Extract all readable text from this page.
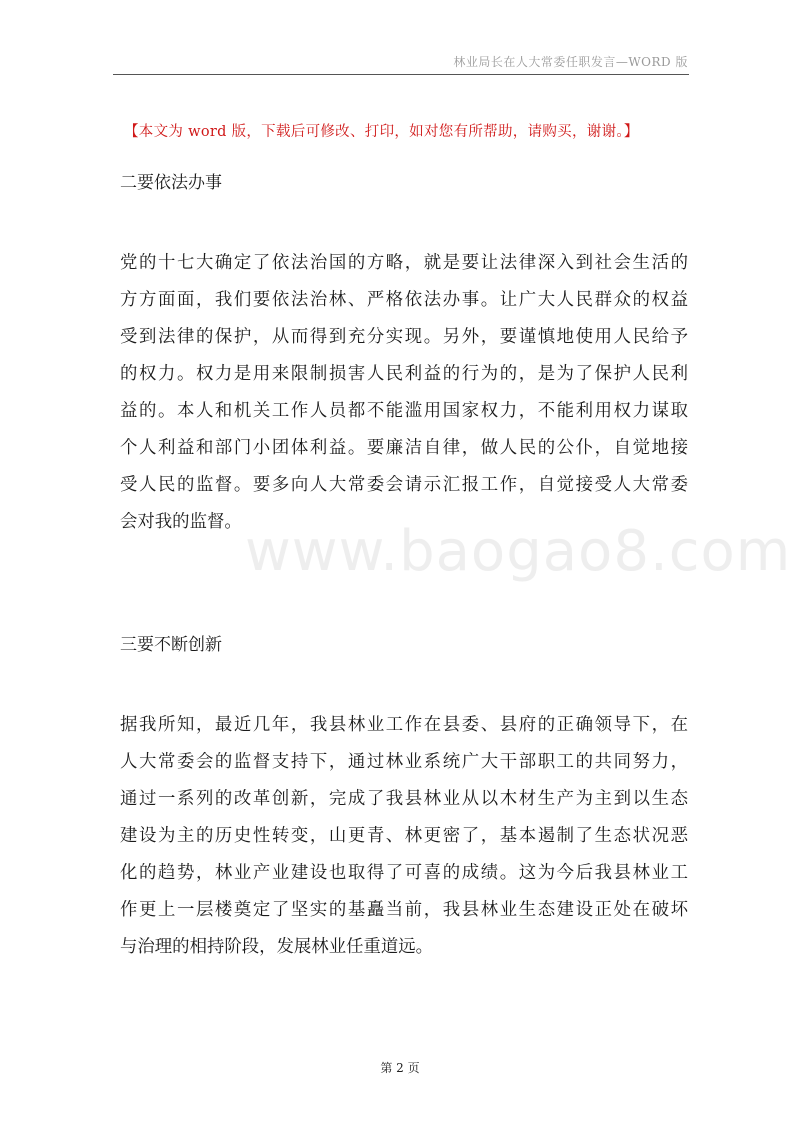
林业局长在人大常委任职发言—WORD 版
【本文为 word 版，下载后可修改、打印，如对您有所帮助，请购买，谢谢。】
二要依法办事
党的十七大确定了依法治国的方略，就是要让法律深入到社会生活的
方方面面，我们要依法治林、严格依法办事。让广大人民群众的权益
受到法律的保护，从而得到充分实现。另外，要谨慎地使用人民给予
的权力。权力是用来限制损害人民利益的行为的，是为了保护人民利
益的。本人和机关工作人员都不能滥用国家权力，不能利用权力谋取
个人利益和部门小团体利益。要廉洁自律，做人民的公仆，自觉地接
受人民的监督。要多向人大常委会请示汇报工作，自觉接受人大常委
会对我的监督。 www.baogao8.com
三要不断创新
据我所知，最近几年，我县林业工作在县委、县府的正确领导下，在
人大常委会的监督支持下，通过林业系统广大干部职工的共同努力，
通过一系列的改革创新，完成了我县林业从以木材生产为主到以生态
建设为主的历史性转变，山更青、林更密了，基本遏制了生态状况恶
化的趋势，林业产业建设也取得了可喜的成绩。这为今后我县林业工
作更上一层楼奠定了坚实的基矗当前，我县林业生态建设正处在破坏
与治理的相持阶段，发展林业任重道远。
第 2 页
